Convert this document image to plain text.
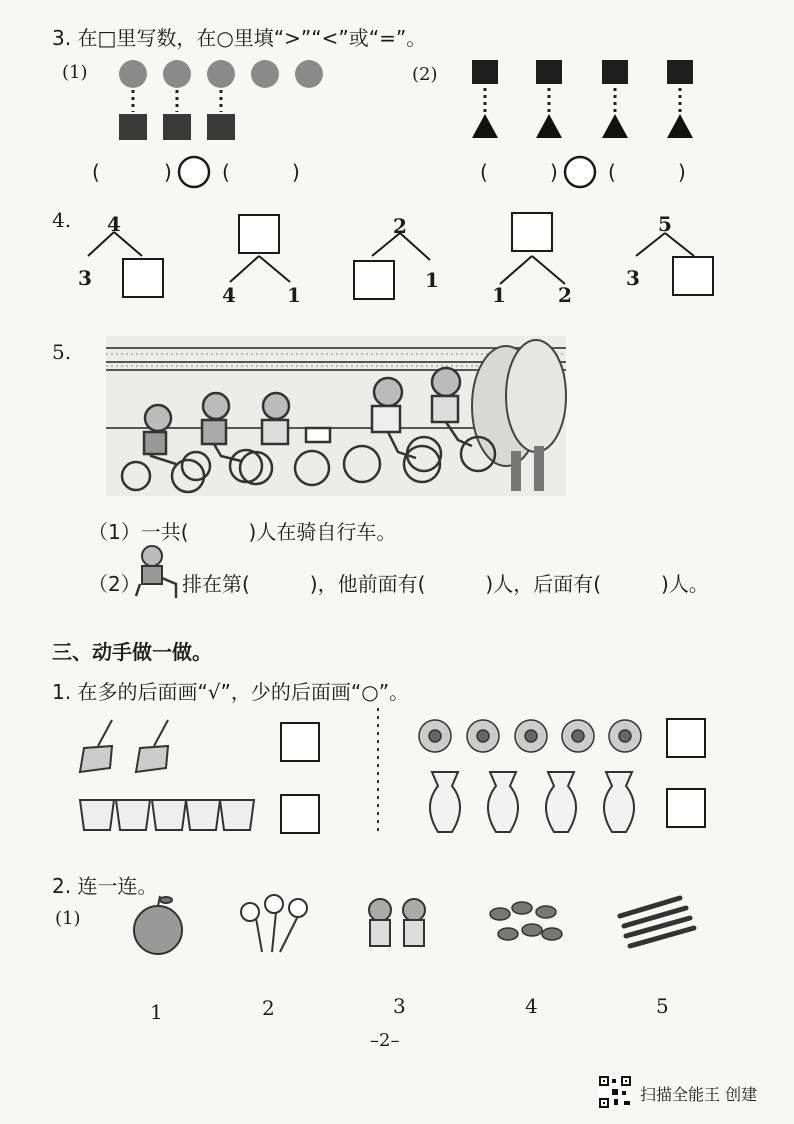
3. 在□里写数，在○里填“>”“<”或“=”。
(1)	(2)
(	)	(	)	(	)	(	)
4. 4
3
4	1
2
1
1	2
5
3
5.
（1）一共(　　　)人在骑自行车。
（2） 排在第(　　　)，他前面有(　　　)人，后面有(　　　)人。
三、动手做一做。
1. 在多的后面画“√”，少的后面画“○”。
2. 连一连。
(1)
1	2	3	4	5
–2–
扫描全能王 创建
